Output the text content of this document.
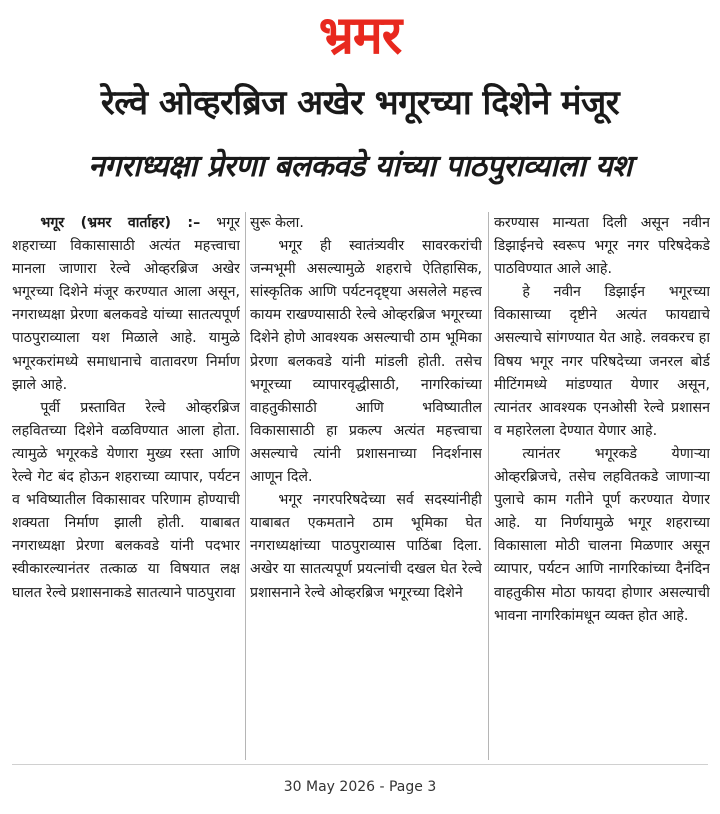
भ्रमर
रेल्वे ओव्हरब्रिज अखेर भगूरच्या दिशेने मंजूर
नगराध्यक्षा प्रेरणा बलकवडे यांच्या पाठपुराव्याला यश

भगूर (भ्रमर वार्ताहर) :– भगूर शहराच्या विकासासाठी अत्यंत महत्त्वाचा मानला जाणारा रेल्वे ओव्हरब्रिज अखेर भगूरच्या दिशेने मंजूर करण्यात आला असून, नगराध्यक्षा प्रेरणा बलकवडे यांच्या सातत्यपूर्ण पाठपुराव्याला यश मिळाले आहे. यामुळे भगूरकरांमध्ये समाधानाचे वातावरण निर्माण झाले आहे.

पूर्वी प्रस्तावित रेल्वे ओव्हरब्रिज लहवितच्या दिशेने वळविण्यात आला होता. त्यामुळे भगूरकडे येणारा मुख्य रस्ता आणि रेल्वे गेट बंद होऊन शहराच्या व्यापार, पर्यटन व भविष्यातील विकासावर परिणाम होण्याची शक्यता निर्माण झाली होती. याबाबत नगराध्यक्षा प्रेरणा बलकवडे यांनी पदभार स्वीकारल्यानंतर तत्काळ या विषयात लक्ष घालत रेल्वे प्रशासनाकडे सातत्याने पाठपुरावा

सुरू केला.

भगूर ही स्वातंत्र्यवीर सावरकरांची जन्मभूमी असल्यामुळे शहराचे ऐतिहासिक, सांस्कृतिक आणि पर्यटनदृष्ट्या असलेले महत्त्व कायम राखण्यासाठी रेल्वे ओव्हरब्रिज भगूरच्या दिशेने होणे आवश्यक असल्याची ठाम भूमिका प्रेरणा बलकवडे यांनी मांडली होती. तसेच भगूरच्या व्यापारवृद्धीसाठी, नागरिकांच्या वाहतुकीसाठी आणि भविष्यातील विकासासाठी हा प्रकल्प अत्यंत महत्त्वाचा असल्याचे त्यांनी प्रशासनाच्या निदर्शनास आणून दिले.

भगूर नगरपरिषदेच्या सर्व सदस्यांनीही याबाबत एकमताने ठाम भूमिका घेत नगराध्यक्षांच्या पाठपुराव्यास पाठिंबा दिला. अखेर या सातत्यपूर्ण प्रयत्नांची दखल घेत रेल्वे प्रशासनाने रेल्वे ओव्हरब्रिज भगूरच्या दिशेने

करण्यास मान्यता दिली असून नवीन डिझाईनचे स्वरूप भगूर नगर परिषदेकडे पाठविण्यात आले आहे.

हे नवीन डिझाईन भगूरच्या विकासाच्या दृष्टीने अत्यंत फायद्याचे असल्याचे सांगण्यात येत आहे. लवकरच हा विषय भगूर नगर परिषदेच्या जनरल बोर्ड मीटिंगमध्ये मांडण्यात येणार असून, त्यानंतर आवश्यक एनओसी रेल्वे प्रशासन व महारेलला देण्यात येणार आहे.

त्यानंतर भगूरकडे येणाऱ्या ओव्हरब्रिजचे, तसेच लहवितकडे जाणाऱ्या पुलाचे काम गतीने पूर्ण करण्यात येणार आहे. या निर्णयामुळे भगूर शहराच्या विकासाला मोठी चालना मिळणार असून व्यापार, पर्यटन आणि नागरिकांच्या दैनंदिन वाहतुकीस मोठा फायदा होणार असल्याची भावना नागरिकांमधून व्यक्त होत आहे.

30 May 2026 - Page 3
